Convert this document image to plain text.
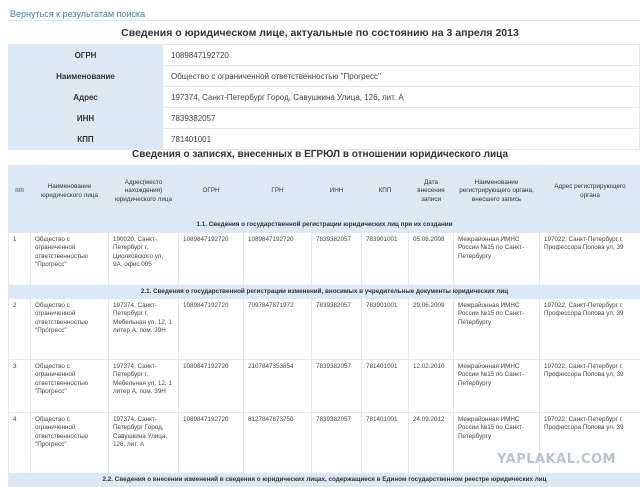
Вернуться к результатам поиска
Сведения о юридическом лице, актуальные по состоянию на 3 апреля 2013
ОГРН	1089847192720
Наименование	Общество с ограниченной ответственностью "Прогресс"
Адрес	197374, Санкт-Петербург Город, Савушкина Улица, 126, лит. А
ИНН	7839382057
КПП	781401001
Сведения о записях, внесенных в ЕГРЮЛ в отношении юридического лица
п/п	Наименование юридического лица	Адрес(место нахождения) юридического лица	ОГРН	ГРН	ИНН	КПП	Дата внесения записи	Наименование регистрирующего органа, внесшего запись	Адрес регистрирующего органа
1.1. Сведения о государственной регистрации юридических лиц при их создании									
1	Общество с ограниченной ответственностью "Прогресс"	190020, Санкт-Петербург г, Циолковского ул, 9А, офис 005	1089847192720	1089847192720	7839382057	783901001	05.08.2008	Межрайонная ИМНС России №15 по Санкт-Петербургу	197022, Санкт-Петербург г, Профессора Попова ул, 39
2.1. Сведения о государственной регистрации изменений, вносимых в учредительные документы юридических лиц									
2	Общество с ограниченной ответственностью "Прогресс"	197374, Санкт-Петербург г, Мебельная ул, 12, 1 литер А, пом. 39Н	1089847192720	7097847871972	7839382057	783901001	29.06.2009	Межрайонная ИМНС России №15 по Санкт-Петербургу	197022, Санкт-Петербург г, Профессора Попова ул, 39
3	Общество с ограниченной ответственностью "Прогресс"	197374, Санкт-Петербург г, Мебельная ул, 12, 1 литер А, пом. 39Н	1089847192720	2107847353854	7839382057	781401001	12.02.2010	Межрайонная ИМНС России №15 по Санкт-Петербургу	197022, Санкт-Петербург г, Профессора Попова ул, 39
4	Общество с ограниченной ответственностью "Прогресс"	197374, Санкт-Петербург Город, Савушкина Улица, 126, лит. А	1089847192720	8127847873750	7839382057	781401001	24.09.2012	Межрайонная ИМНС России №15 по Санкт-Петербургу	197022, Санкт-Петербург г, Профессора Попова ул, 39
2.2. Сведения о внесении изменений в сведения о юридических лицах, содержащиеся в Едином государственном реестре юридических лиц									
YAPLAKAL.COM
